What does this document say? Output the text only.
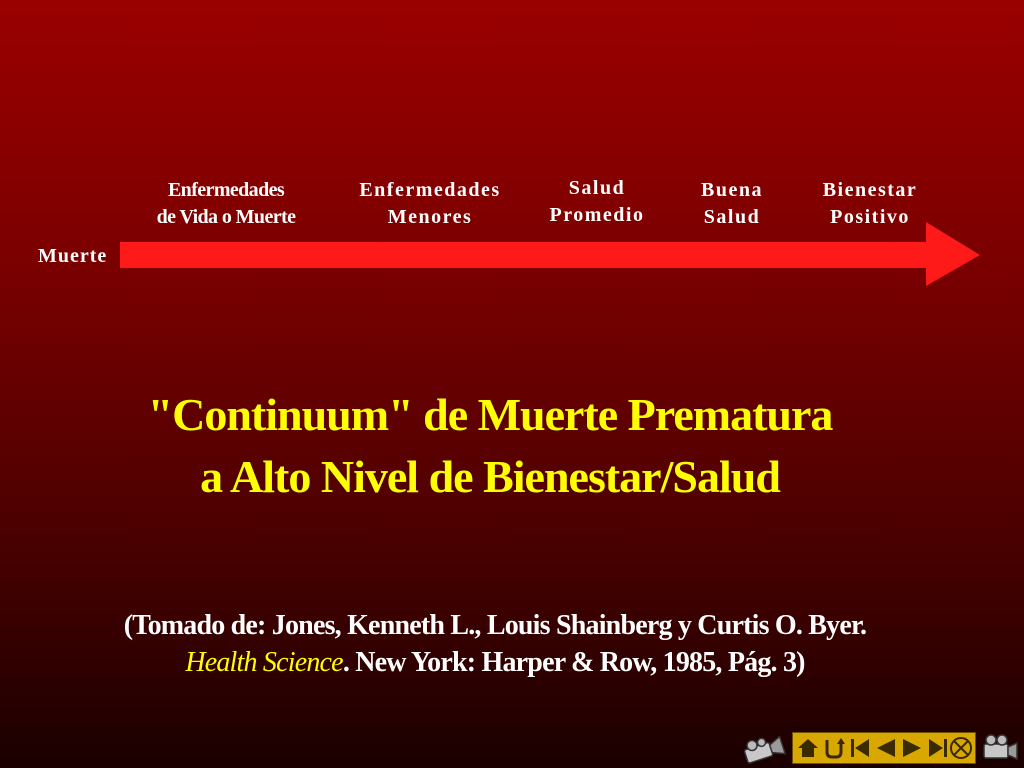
Muerte
Enfermedades
de Vida o Muerte
Enfermedades
Menores
Salud
Promedio
Buena
Salud
Bienestar
Positivo
"Continuum" de Muerte Prematura
a Alto Nivel de Bienestar/Salud
(Tomado de: Jones, Kenneth L., Louis Shainberg y Curtis O. Byer.
Health Science. New York: Harper & Row, 1985, Pág. 3)
